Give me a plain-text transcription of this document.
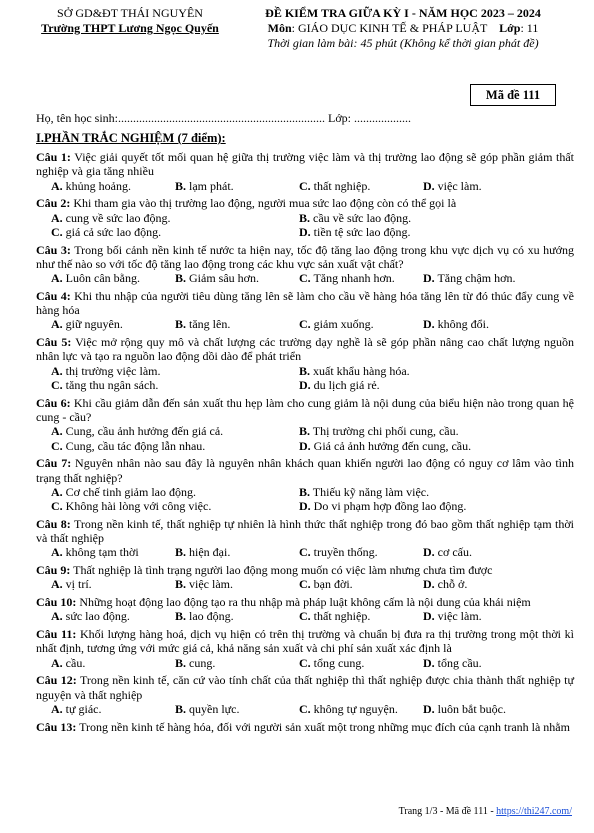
SỞ GD&ĐT THÁI NGUYÊN
Trường THPT Lương Ngọc Quyến
ĐỀ KIỂM TRA GIỮA KỲ I - NĂM HỌC 2023 – 2024
Môn: GIÁO DỤC KINH TẾ & PHÁP LUẬT Lớp: 11
Thời gian làm bài: 45 phút (Không kể thời gian phát đề)
Mã đề 111
Họ, tên học sinh:..................................................................... Lớp: ...................
I.PHẦN TRẮC NGHIỆM (7 điểm):
Câu 1: Việc giải quyết tốt mối quan hệ giữa thị trường việc làm và thị trường lao động sẽ góp phần giảm thất nghiệp và gia tăng nhiều
A. khủng hoảng.	B. lạm phát.	C. thất nghiệp.	D. việc làm.
Câu 2: Khi tham gia vào thị trường lao động, người mua sức lao động còn có thể gọi là
A. cung về sức lao động.	B. cầu về sức lao động.
C. giá cả sức lao động.	D. tiền tệ sức lao động.
Câu 3: Trong bối cảnh nền kinh tế nước ta hiện nay, tốc độ tăng lao động trong khu vực dịch vụ có xu hướng như thế nào so với tốc độ tăng lao động trong các khu vực sản xuất vật chất?
A. Luôn cân bằng.	B. Giảm sâu hơn.	C. Tăng nhanh hơn.	D. Tăng chậm hơn.
Câu 4: Khi thu nhập của người tiêu dùng tăng lên sẽ làm cho cầu về hàng hóa tăng lên từ đó thúc đẩy cung về hàng hóa
A. giữ nguyên.	B. tăng lên.	C. giảm xuống.	D. không đổi.
Câu 5: Việc mở rộng quy mô và chất lượng các trường dạy nghề là sẽ góp phần nâng cao chất lượng nguồn nhân lực và tạo ra nguồn lao động dồi dào để phát triển
A. thị trường việc làm.	B. xuất khẩu hàng hóa.
C. tăng thu ngân sách.	D. du lịch giá rẻ.
Câu 6: Khi cầu giảm dẫn đến sản xuất thu hẹp làm cho cung giảm là nội dung của biểu hiện nào trong quan hệ cung - cầu?
A. Cung, cầu ảnh hưởng đến giá cả.	B. Thị trường chi phối cung, cầu.
C. Cung, cầu tác động lẫn nhau.	D. Giá cả ảnh hưởng đến cung, cầu.
Câu 7: Nguyên nhân nào sau đây là nguyên nhân khách quan khiến người lao động có nguy cơ lâm vào tình trạng thất nghiệp?
A. Cơ chế tinh giảm lao động.	B. Thiếu kỹ năng làm việc.
C. Không hài lòng với công việc.	D. Do vi phạm hợp đồng lao động.
Câu 8: Trong nền kinh tế, thất nghiệp tự nhiên là hình thức thất nghiệp trong đó bao gồm thất nghiệp tạm thời và thất nghiệp
A. không tạm thời	B. hiện đại.	C. truyền thống.	D. cơ cấu.
Câu 9: Thất nghiệp là tình trạng người lao động mong muốn có việc làm nhưng chưa tìm được
A. vị trí.	B. việc làm.	C. bạn đời.	D. chỗ ở.
Câu 10: Những hoạt động lao động tạo ra thu nhập mà pháp luật không cấm là nội dung của khái niệm
A. sức lao động.	B. lao động.	C. thất nghiệp.	D. việc làm.
Câu 11: Khối lượng hàng hoá, dịch vụ hiện có trên thị trường và chuẩn bị đưa ra thị trường trong một thời kì nhất định, tương ứng với mức giá cả, khả năng sản xuất và chi phí sản xuất xác định là
A. cầu.	B. cung.	C. tổng cung.	D. tổng cầu.
Câu 12: Trong nền kinh tế, căn cứ vào tính chất của thất nghiệp thì thất nghiệp được chia thành thất nghiệp tự nguyện và thất nghiệp
A. tự giác.	B. quyền lực.	C. không tự nguyện.	D. luôn bắt buộc.
Câu 13: Trong nền kinh tế hàng hóa, đối với người sản xuất một trong những mục đích của cạnh tranh là nhằm
Trang 1/3 - Mã đề 111 - https://thi247.com/
